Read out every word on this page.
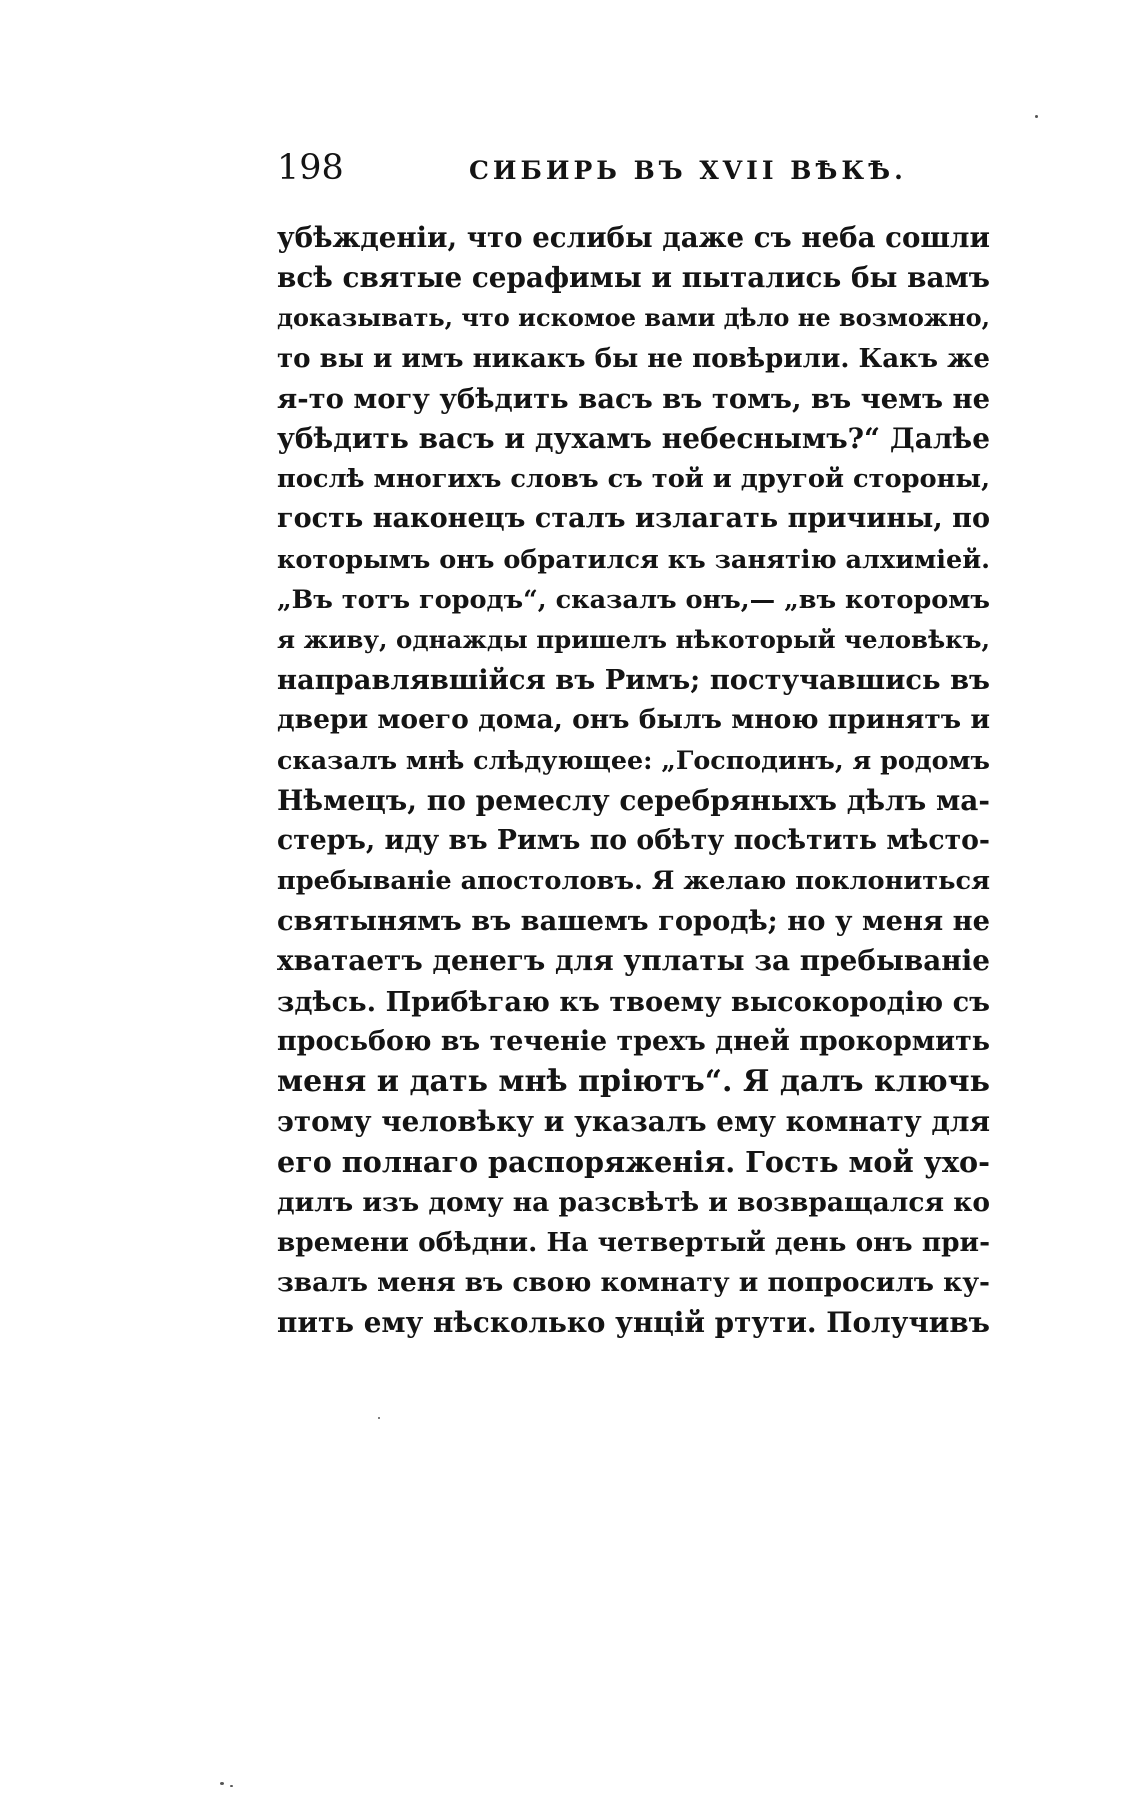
198	СИБИРЬ ВЪ XVII ВѢКѢ.
убѣжденіи, что еслибы даже съ неба сошли
всѣ святые серафимы и пытались бы вамъ
доказывать, что искомое вами дѣло не возможно,
то вы и имъ никакъ бы не повѣрили. Какъ же
я-то могу убѣдить васъ въ томъ, въ чемъ не
убѣдить васъ и духамъ небеснымъ?“ Далѣе
послѣ многихъ словъ съ той и другой стороны,
гость наконецъ сталъ излагать причины, по
которымъ онъ обратился къ занятію алхиміей.
„Въ тотъ городъ“, сказалъ онъ,— „въ которомъ
я живу, однажды пришелъ нѣкоторый человѣкъ,
направлявшійся въ Римъ; постучавшись въ
двери моего дома, онъ былъ мною принятъ и
сказалъ мнѣ слѣдующее: „Господинъ, я родомъ
Нѣмецъ, по ремеслу серебряныхъ дѣлъ ма-
стеръ, иду въ Римъ по обѣту посѣтить мѣсто-
пребываніе апостоловъ. Я желаю поклониться
святынямъ въ вашемъ городѣ; но у меня не
хватаетъ денегъ для уплаты за пребываніе
здѣсь. Прибѣгаю къ твоему высокородію съ
просьбою въ теченіе трехъ дней прокормить
меня и дать мнѣ пріютъ“. Я далъ ключь
этому человѣку и указалъ ему комнату для
его полнаго распоряженія. Гость мой ухо-
дилъ изъ дому на разсвѣтѣ и возвращался ко
времени обѣдни. На четвертый день онъ при-
звалъ меня въ свою комнату и попросилъ ку-
пить ему нѣсколько унцій ртути. Получивъ
